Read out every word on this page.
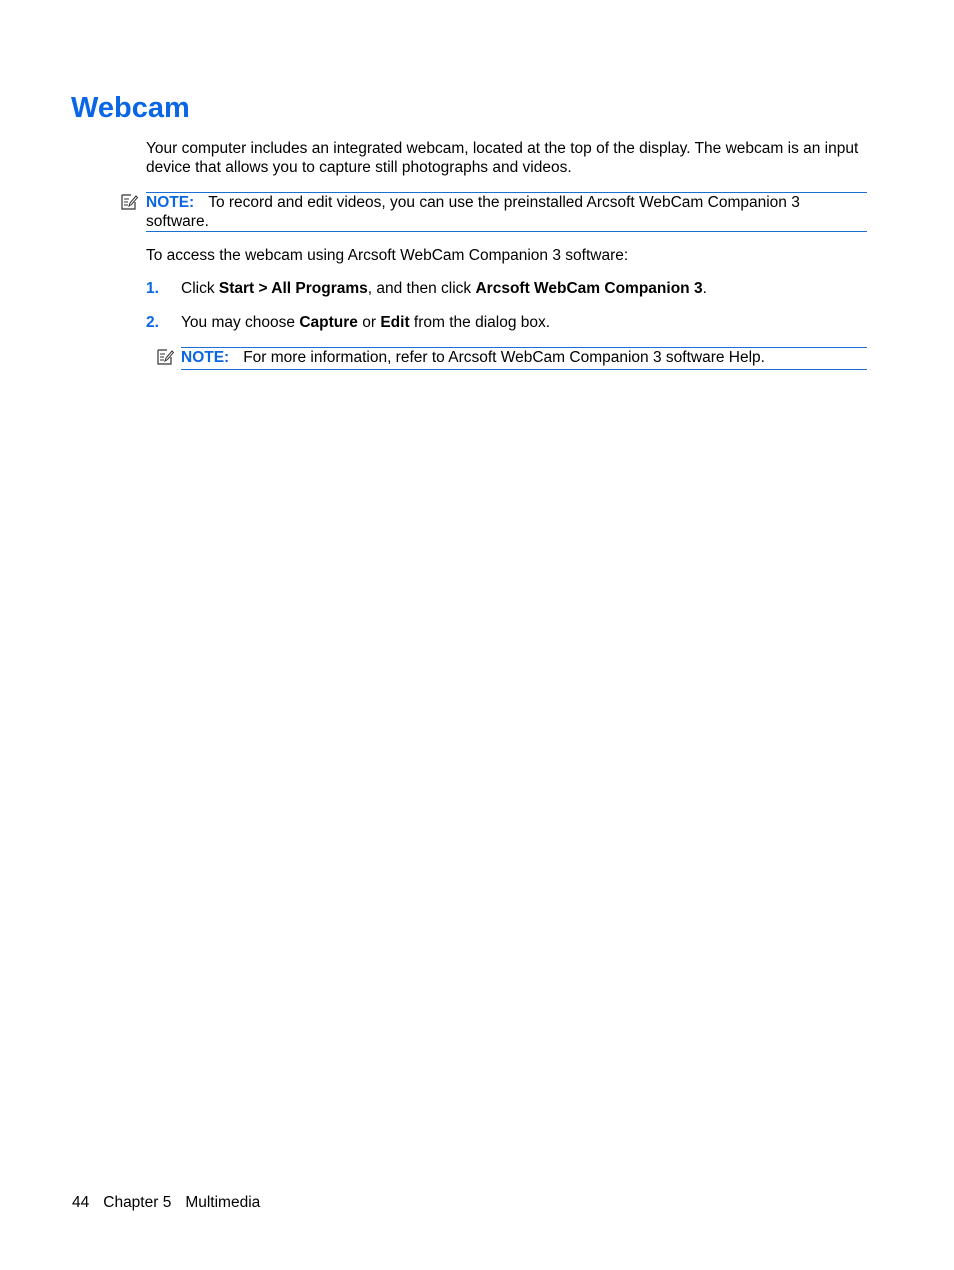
Webcam

Your computer includes an integrated webcam, located at the top of the display. The webcam is an input device that allows you to capture still photographs and videos.

NOTE: To record and edit videos, you can use the preinstalled Arcsoft WebCam Companion 3 software.

To access the webcam using Arcsoft WebCam Companion 3 software:

1. Click Start > All Programs, and then click Arcsoft WebCam Companion 3.
2. You may choose Capture or Edit from the dialog box.
NOTE: For more information, refer to Arcsoft WebCam Companion 3 software Help.
44 Chapter 5 Multimedia
